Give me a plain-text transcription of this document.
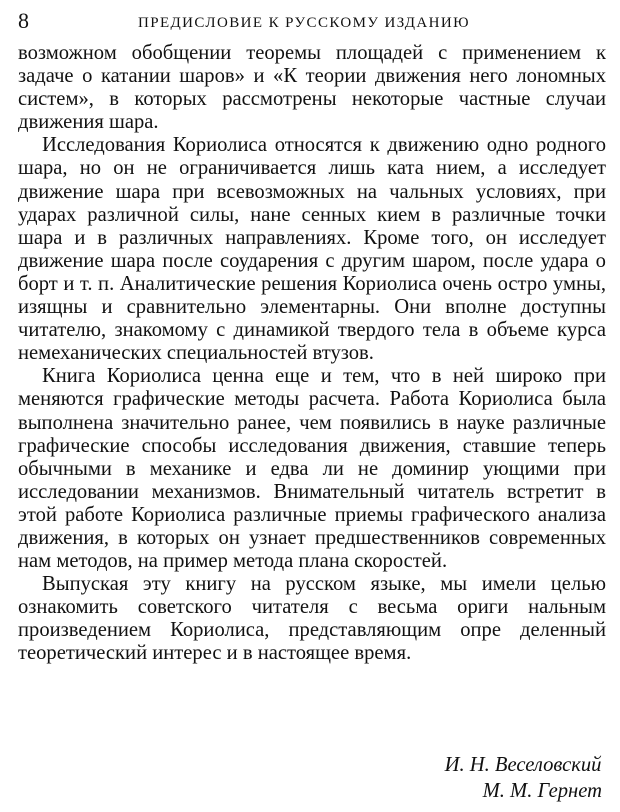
8	ПРЕДИСЛОВИЕ К РУССКОМУ ИЗДАНИЮ

возможном обобщении теоремы площадей с применением к задаче о катании шаров» и «К теории движения него лономных систем», в которых рассмотрены некоторые частные случаи движения шара.

Исследования Кориолиса относятся к движению одно родного шара, но он не ограничивается лишь ката нием, а исследует движение шара при всевозможных на чальных условиях, при ударах различной силы, нане сенных кием в различные точки шара и в различных направлениях. Кроме того, он исследует движение шара после соударения с другим шаром, после удара о борт и т. п. Аналитические решения Кориолиса очень остро умны, изящны и сравнительно элементарны. Они вполне доступны читателю, знакомому с динамикой твердого тела в объеме курса немеханических специальностей втузов.

Книга Кориолиса ценна еще и тем, что в ней широко при меняются графические методы расчета. Работа Кориолиса была выполнена значительно ранее, чем появились в науке различные графические способы исследования движения, ставшие теперь обычными в механике и едва ли не доминир ующими при исследовании механизмов. Внимательный читатель встретит в этой работе Кориолиса различные приемы графического анализа движения, в которых он узнает предшественников современных нам методов, на пример метода плана скоростей.

Выпуская эту книгу на русском языке, мы имели целью ознакомить советского читателя с весьма ориги нальным произведением Кориолиса, представляющим опре деленный теоретический интерес и в настоящее время.

И. Н. Веселовский
М. М. Гернет
